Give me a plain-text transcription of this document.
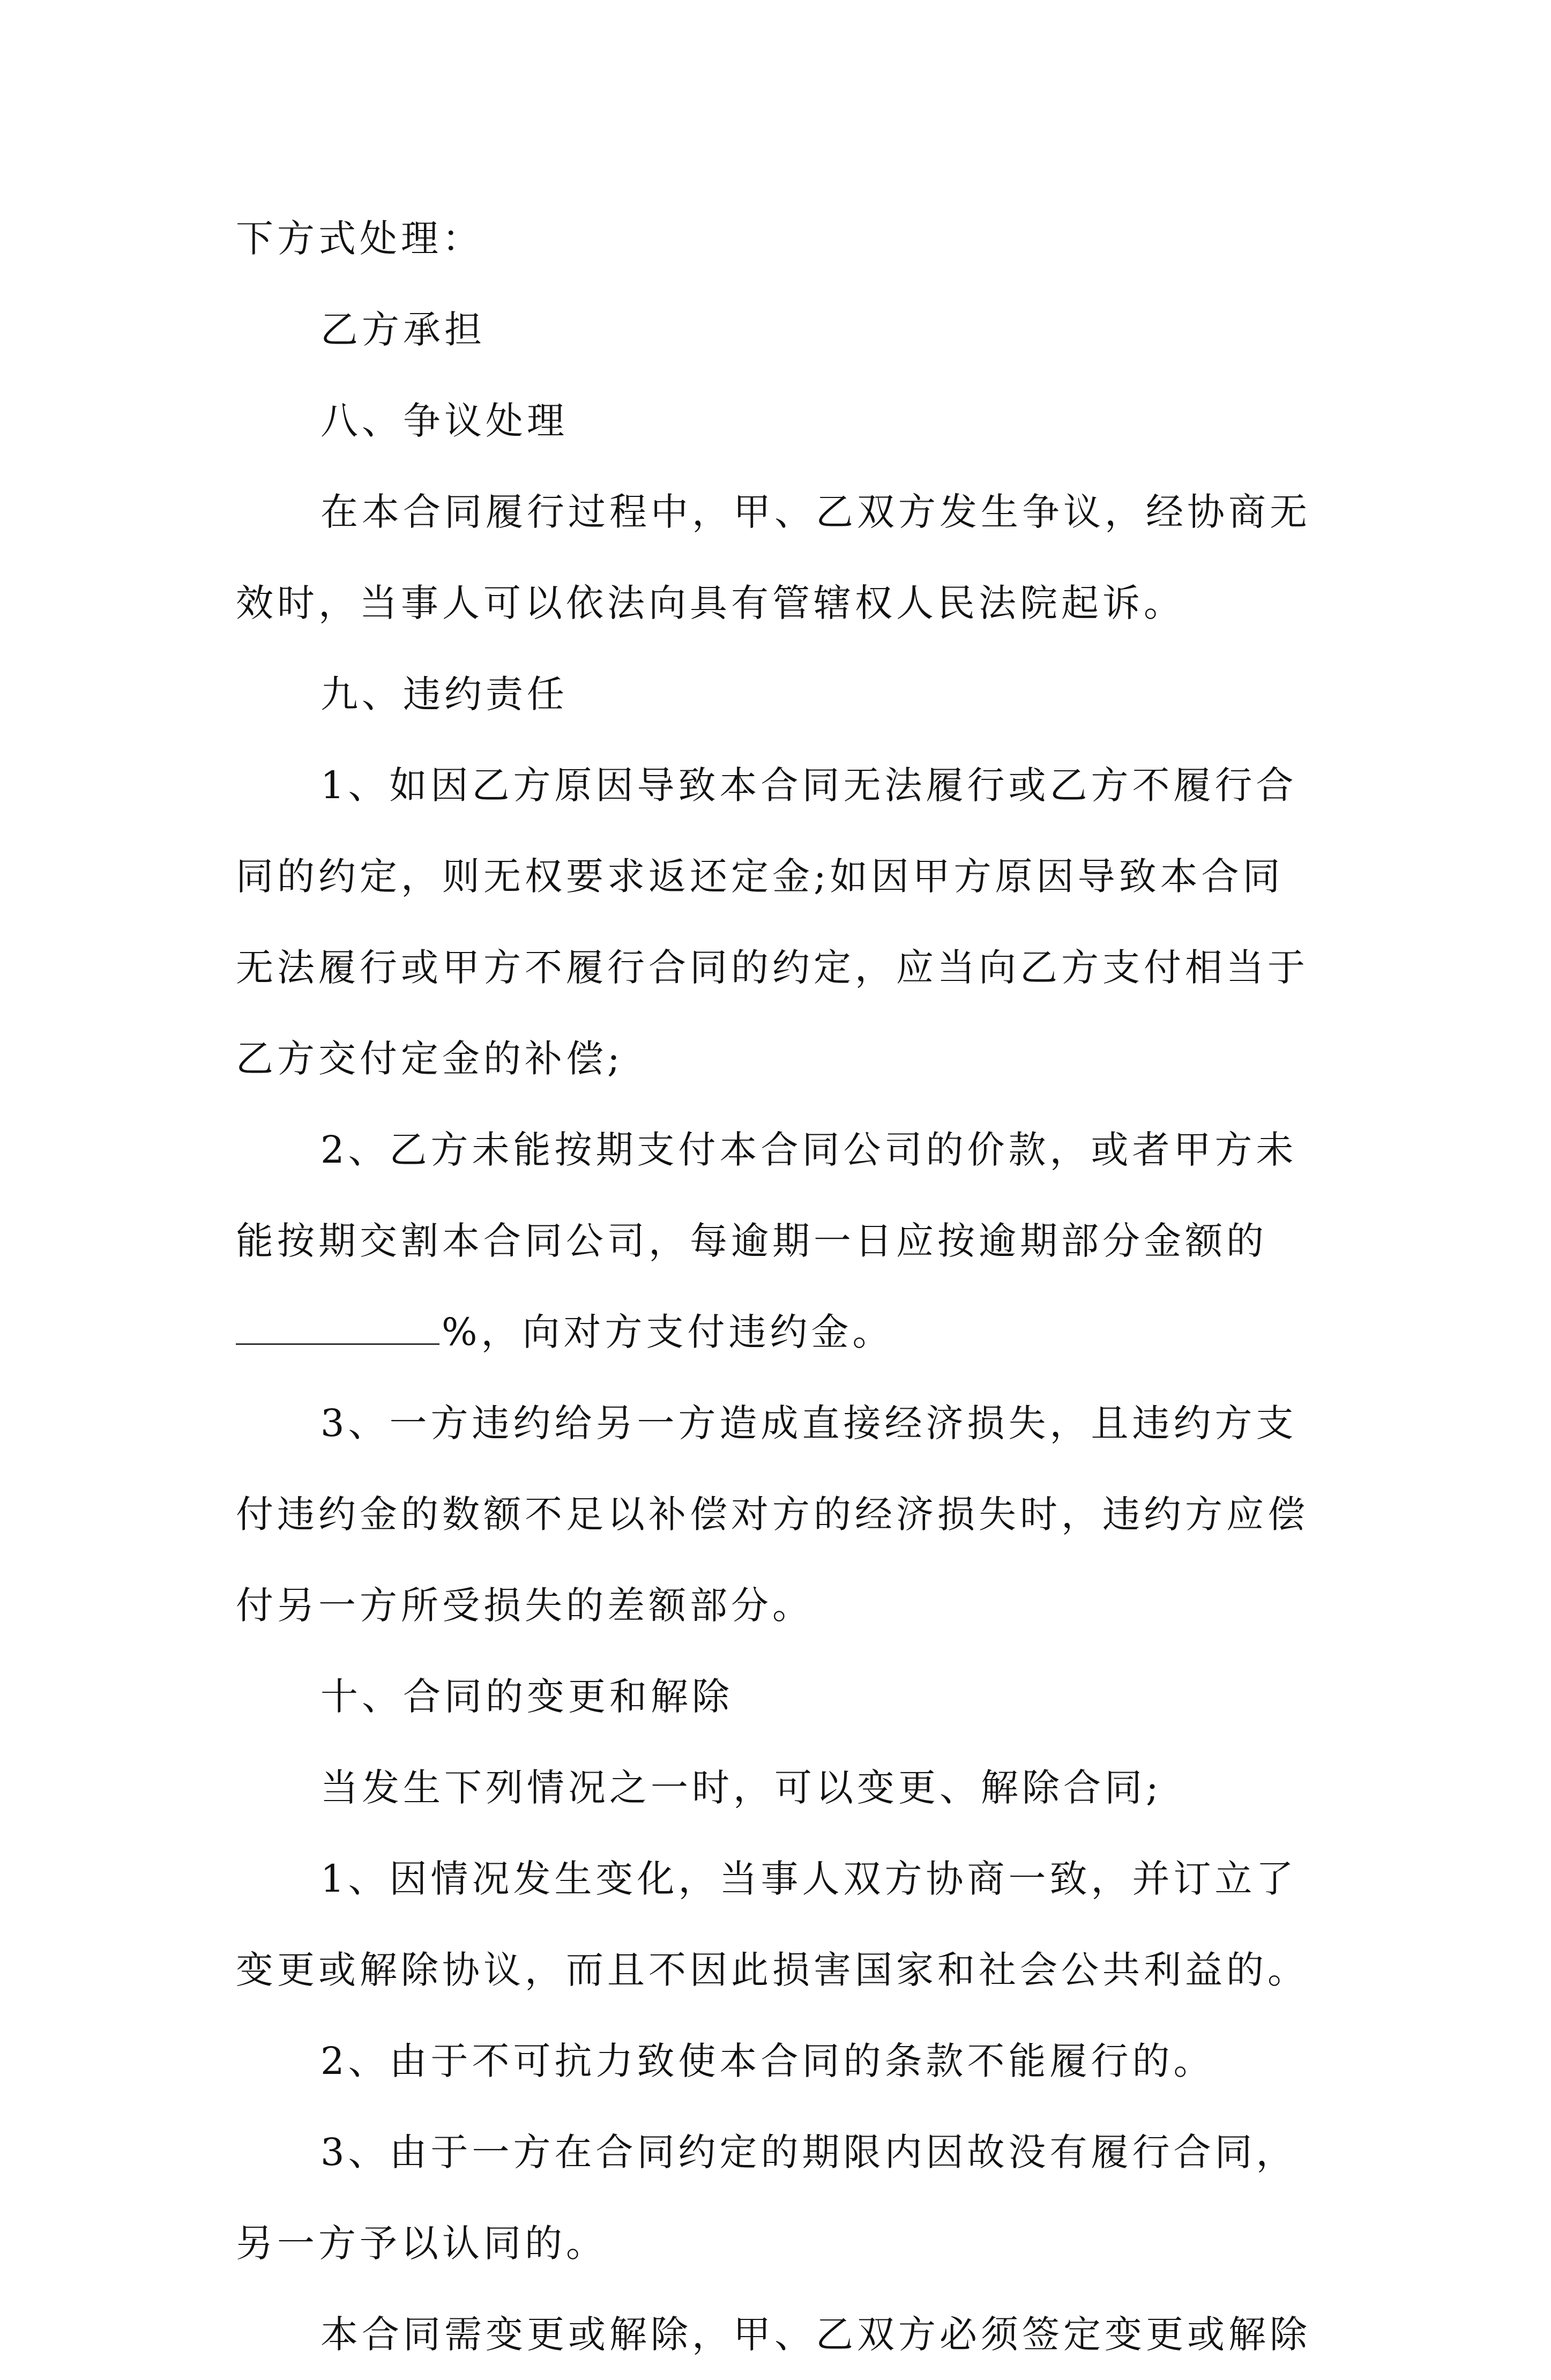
下方式处理：
乙方承担
八、争议处理
在本合同履行过程中，甲、乙双方发生争议，经协商无
效时，当事人可以依法向具有管辖权人民法院起诉。
九、违约责任
1、如因乙方原因导致本合同无法履行或乙方不履行合
同的约定，则无权要求返还定金;如因甲方原因导致本合同
无法履行或甲方不履行合同的约定，应当向乙方支付相当于
乙方交付定金的补偿;
2、乙方未能按期支付本合同公司的价款，或者甲方未
能按期交割本合同公司，每逾期一日应按逾期部分金额的
%，向对方支付违约金。
3、一方违约给另一方造成直接经济损失，且违约方支
付违约金的数额不足以补偿对方的经济损失时，违约方应偿
付另一方所受损失的差额部分。
十、合同的变更和解除
当发生下列情况之一时，可以变更、解除合同;
1、因情况发生变化，当事人双方协商一致，并订立了
变更或解除协议，而且不因此损害国家和社会公共利益的。
2、由于不可抗力致使本合同的条款不能履行的。
3、由于一方在合同约定的期限内因故没有履行合同，
另一方予以认同的。
本合同需变更或解除，甲、乙双方必须签定变更或解除
